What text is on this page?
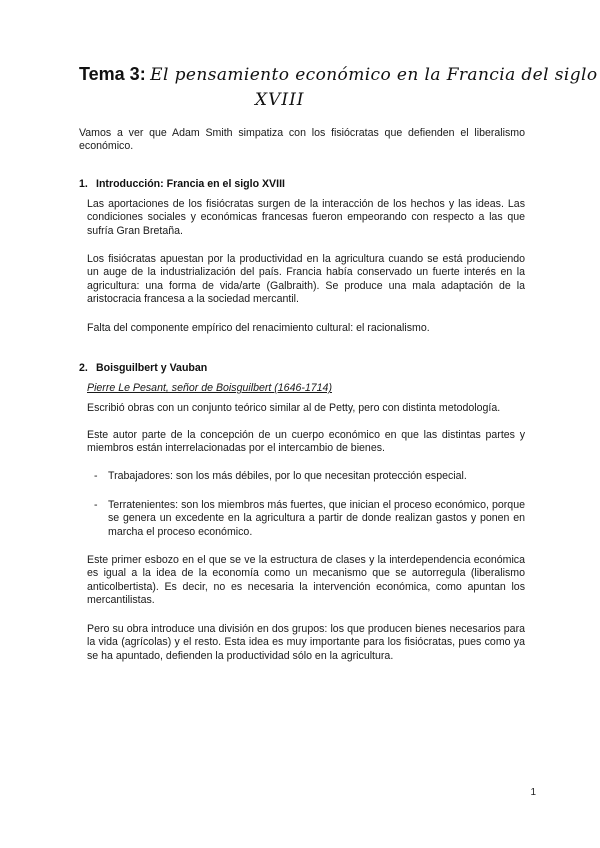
Tema 3: El pensamiento económico en la Francia del siglo
XVIII
Vamos a ver que Adam Smith simpatiza con los fisiócratas que defienden el liberalismo económico.
1. Introducción: Francia en el siglo XVIII
Las aportaciones de los fisiócratas surgen de la interacción de los hechos y las ideas. Las condiciones sociales y económicas francesas fueron empeorando con respecto a las que sufría Gran Bretaña.
Los fisiócratas apuestan por la productividad en la agricultura cuando se está produciendo un auge de la industrialización del país. Francia había conservado un fuerte interés en la agricultura: una forma de vida/arte (Galbraith). Se produce una mala adaptación de la aristocracia francesa a la sociedad mercantil.
Falta del componente empírico del renacimiento cultural: el racionalismo.
2. Boisguilbert y Vauban
Pierre Le Pesant, señor de Boisguilbert (1646-1714)
Escribió obras con un conjunto teórico similar al de Petty, pero con distinta metodología.
Este autor parte de la concepción de un cuerpo económico en que las distintas partes y miembros están interrelacionadas por el intercambio de bienes.
- Trabajadores: son los más débiles, por lo que necesitan protección especial.
- Terratenientes: son los miembros más fuertes, que inician el proceso económico, porque se genera un excedente en la agricultura a partir de donde realizan gastos y ponen en marcha el proceso económico.
Este primer esbozo en el que se ve la estructura de clases y la interdependencia económica es igual a la idea de la economía como un mecanismo que se autorregula (liberalismo anticolbertista). Es decir, no es necesaria la intervención económica, como apuntan los mercantilistas.
Pero su obra introduce una división en dos grupos: los que producen bienes necesarios para la vida (agrícolas) y el resto. Esta idea es muy importante para los fisiócratas, pues como ya se ha apuntado, defienden la productividad sólo en la agricultura.
1
